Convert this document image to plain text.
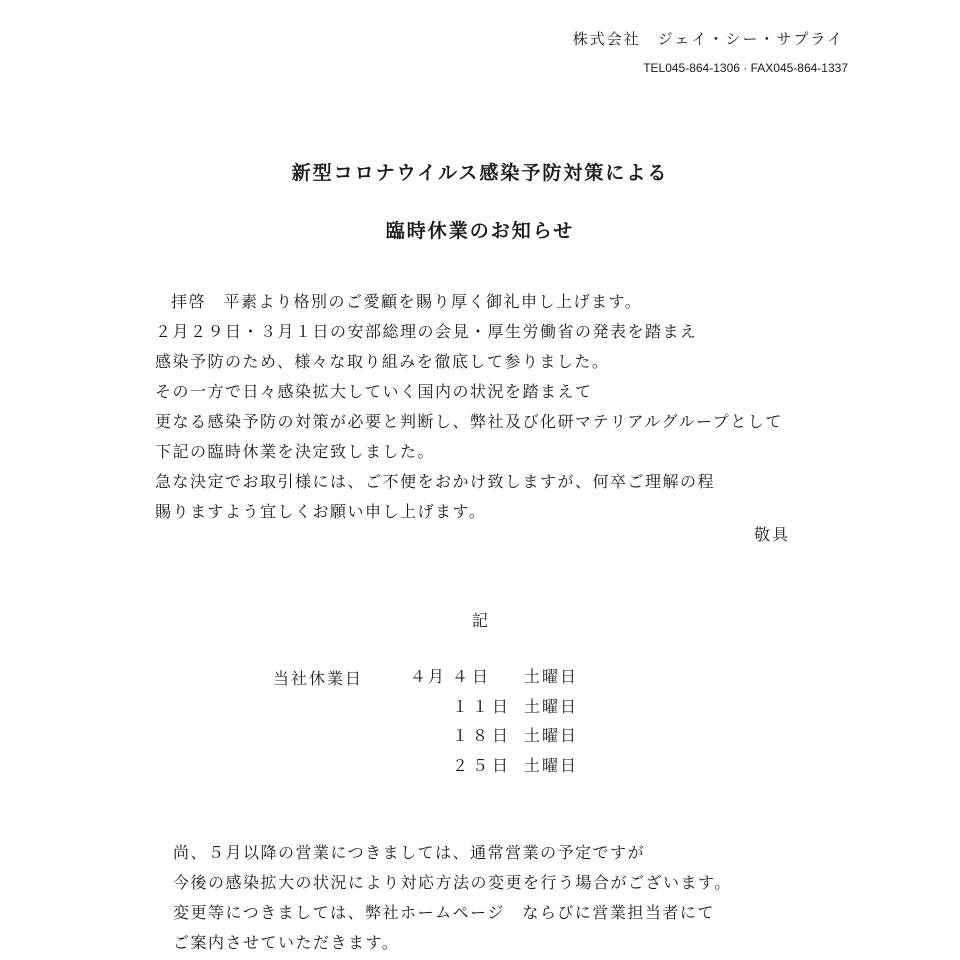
株式会社　ジェイ・シー・サプライ
TEL045-864-1306 · FAX045-864-1337
新型コロナウイルス感染予防対策による
臨時休業のお知らせ
拝啓　平素より格別のご愛顧を賜り厚く御礼申し上げます。
２月２９日・３月１日の安部総理の会見・厚生労働省の発表を踏まえ
感染予防のため、様々な取り組みを徹底して参りました。
その一方で日々感染拡大していく国内の状況を踏まえて
更なる感染予防の対策が必要と判断し、弊社及び化研マテリアルグループとして
下記の臨時休業を決定致しました。
急な決定でお取引様には、ご不便をおかけ致しますが、何卒ご理解の程
賜りますよう宜しくお願い申し上げます。
敬具
記
当社休業日	４月 ４日 土曜日
１１日 土曜日
１８日 土曜日
２５日 土曜日
尚、５月以降の営業につきましては、通常営業の予定ですが
今後の感染拡大の状況により対応方法の変更を行う場合がございます。
変更等につきましては、弊社ホームページ　ならびに営業担当者にて
ご案内させていただきます。
